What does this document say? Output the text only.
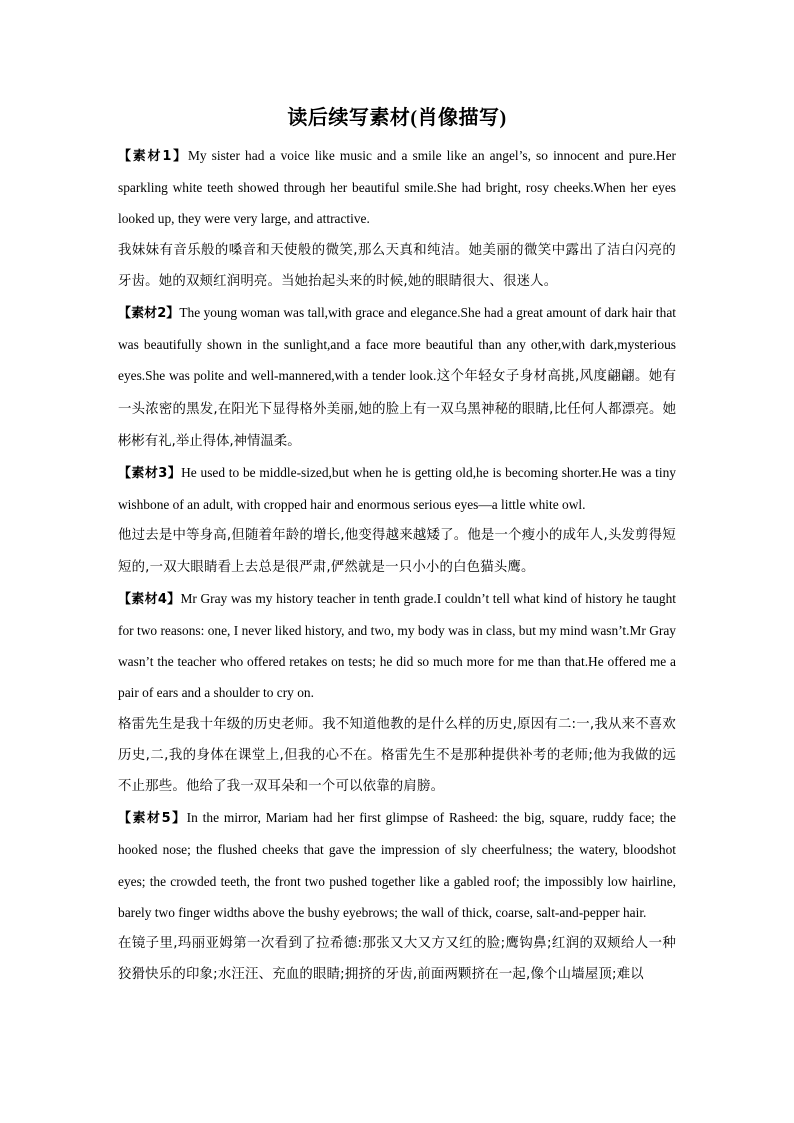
读后续写素材(肖像描写)

【素材1】My sister had a voice like music and a smile like an angel’s, so innocent and pure.Her sparkling white teeth showed through her beautiful smile.She had bright, rosy cheeks.When her eyes looked up, they were very large, and attractive.

我妹妹有音乐般的嗓音和天使般的微笑,那么天真和纯洁。她美丽的微笑中露出了洁白闪亮的牙齿。她的双颊红润明亮。当她抬起头来的时候,她的眼睛很大、很迷人。

【素材2】The young woman was tall,with grace and elegance.She had a great amount of dark hair that was beautifully shown in the sunlight,and a face more beautiful than any other,with dark,mysterious eyes.She was polite and well-mannered,with a tender look.这个年轻女子身材高挑,风度翩翩。她有一头浓密的黑发,在阳光下显得格外美丽,她的脸上有一双乌黑神秘的眼睛,比任何人都漂亮。她彬彬有礼,举止得体,神情温柔。

【素材3】He used to be middle-sized,but when he is getting old,he is becoming shorter.He was a tiny wishbone of an adult, with cropped hair and enormous serious eyes—a little white owl.

他过去是中等身高,但随着年龄的增长,他变得越来越矮了。他是一个瘦小的成年人,头发剪得短短的,一双大眼睛看上去总是很严肃,俨然就是一只小小的白色猫头鹰。

【素材4】Mr Gray was my history teacher in tenth grade.I couldn’t tell what kind of history he taught for two reasons: one, I never liked history, and two, my body was in class, but my mind wasn’t.Mr Gray wasn’t the teacher who offered retakes on tests; he did so much more for me than that.He offered me a pair of ears and a shoulder to cry on.

格雷先生是我十年级的历史老师。我不知道他教的是什么样的历史,原因有二:一,我从来不喜欢历史,二,我的身体在课堂上,但我的心不在。格雷先生不是那种提供补考的老师;他为我做的远不止那些。他给了我一双耳朵和一个可以依靠的肩膀。

【素材5】In the mirror, Mariam had her first glimpse of Rasheed: the big, square, ruddy face; the hooked nose; the flushed cheeks that gave the impression of sly cheerfulness; the watery, bloodshot eyes; the crowded teeth, the front two pushed together like a gabled roof; the impossibly low hairline, barely two finger widths above the bushy eyebrows; the wall of thick, coarse, salt-and-pepper hair.

在镜子里,玛丽亚姆第一次看到了拉希德:那张又大又方又红的脸;鹰钩鼻;红润的双颊给人一种狡猾快乐的印象;水汪汪、充血的眼睛;拥挤的牙齿,前面两颗挤在一起,像个山墙屋顶;难以
